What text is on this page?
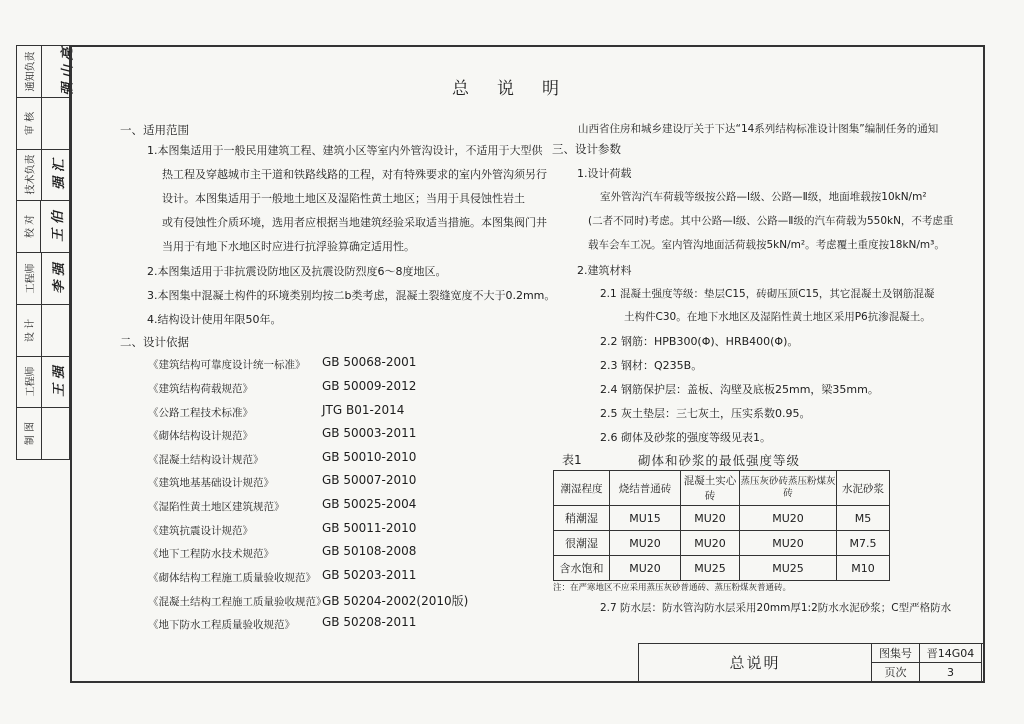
通知负责	强 山 亮
审 核
技术负责	强 汇
校 对	王 伯
工程师	李 强
设 计
工程师	王 强
制 图
总说明
一、适用范围
1.本图集适用于一般民用建筑工程、建筑小区等室内外管沟设计，不适用于大型供
热工程及穿越城市主干道和铁路线路的工程，对有特殊要求的室内外管沟须另行
设计。本图集适用于一般地土地区及湿陷性黄土地区；当用于具侵蚀性岩土
或有侵蚀性介质环境，选用者应根据当地建筑经验采取适当措施。本图集阀门井
当用于有地下水地区时应进行抗浮验算确定适用性。
2.本图集适用于非抗震设防地区及抗震设防烈度6～8度地区。
3.本图集中混凝土构件的环境类别均按二b类考虑，混凝土裂缝宽度不大于0.2mm。
4.结构设计使用年限50年。
二、设计依据
《建筑结构可靠度设计统一标准》 GB 50068-2001
《建筑结构荷载规范》	GB 50009-2012
《公路工程技术标准》	JTG B01-2014
《砌体结构设计规范》	GB 50003-2011
《混凝土结构设计规范》	GB 50010-2010
《建筑地基基础设计规范》	GB 50007-2010
《湿陷性黄土地区建筑规范》	GB 50025-2004
《建筑抗震设计规范》	GB 50011-2010
《地下工程防水技术规范》	GB 50108-2008
《砌体结构工程施工质量验收规范》 GB 50203-2011
《混凝土结构工程施工质量验收规范》
GB 50204-2002(2010版)
《地下防水工程质量验收规范》 GB 50208-2011
山西省住房和城乡建设厅关于下达“14系列结构标准设计图集”编制任务的通知
三、设计参数
1.设计荷载
室外管沟汽车荷载等级按公路—Ⅰ级、公路—Ⅱ级，地面堆载按10kN/m²
(二者不同时)考虑。其中公路—Ⅰ级、公路—Ⅱ级的汽车荷载为550kN，不考虑重
载车会车工况。室内管沟地面活荷载按5kN/m²。考虑覆土重度按18kN/m³。
2.建筑材料
2.1 混凝土强度等级：垫层C15，砖砌压顶C15，其它混凝土及钢筋混凝
土构件C30。在地下水地区及湿陷性黄土地区采用P6抗渗混凝土。
2.2 钢筋：HPB300(Φ)、HRB400(Φ)。
2.3 钢材：Q235B。
2.4 钢筋保护层：盖板、沟壁及底板25mm，梁35mm。
2.5 灰土垫层：三七灰土，压实系数0.95。
2.6 砌体及砂浆的强度等级见表1。
表1	砌体和砂浆的最低强度等级
潮湿程度	烧结普通砖	混凝土实心砖	蒸压灰砂砖蒸压粉煤灰砖	水泥砂浆
稍潮湿	MU15	MU20	MU20	M5
很潮湿	MU20	MU20	MU20	M7.5
含水饱和	MU20	MU25	MU25	M10
注：在严寒地区不应采用蒸压灰砂普通砖、蒸压粉煤灰普通砖。
2.7 防水层：防水管沟防水层采用20mm厚1:2防水水泥砂浆；C型严格防水
总说明
图集号	晋14G04
页次	3
